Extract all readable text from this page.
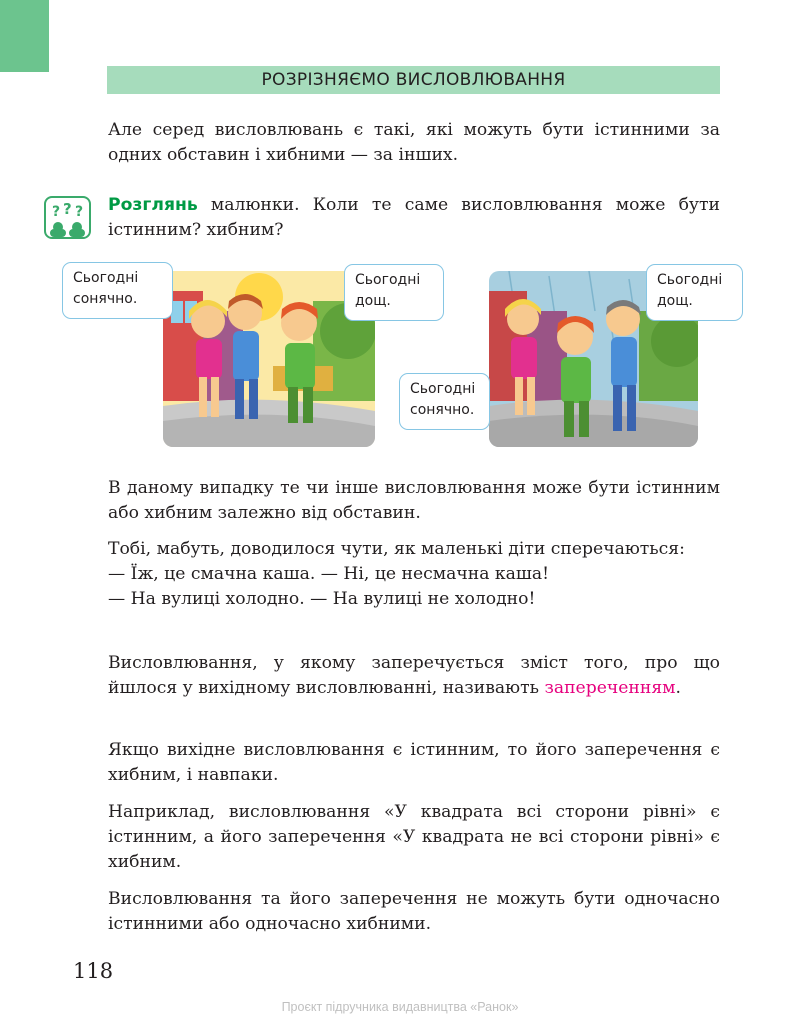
РОЗРІЗНЯЄМО ВИСЛОВЛЮВАННЯ

Але серед висловлювань є такі, які можуть бути істинними за одних обставин і хибними — за інших.

? ? ? Розглянь малюнки. Коли те саме висловлювання може бути істинним? хибним?

Сьогодні
сонячно.
Сьогодні
дощ.
Сьогодні
дощ.
Сьогодні
сонячно.

В даному випадку те чи інше висловлювання може бути істинним або хибним залежно від обставин.

Тобі, мабуть, доводилося чути, як маленькі діти сперечаються:
— Їж, це смачна каша. — Ні, це несмачна каша!
— На вулиці холодно. — На вулиці не холодно!

Висловлювання, у якому заперечується зміст того, про що йшлося у вихідному висловлюванні, називають запереченням.

Якщо вихідне висловлювання є істинним, то його заперечення є хибним, і навпаки.

Наприклад, висловлювання «У квадрата всі сторони рівні» є істинним, а його заперечення «У квадрата не всі сторони рівні» є хибним.

Висловлювання та його заперечення не можуть бути одночасно істинними або одночасно хибними.

118
Проєкт підручника видавництва «Ранок»
